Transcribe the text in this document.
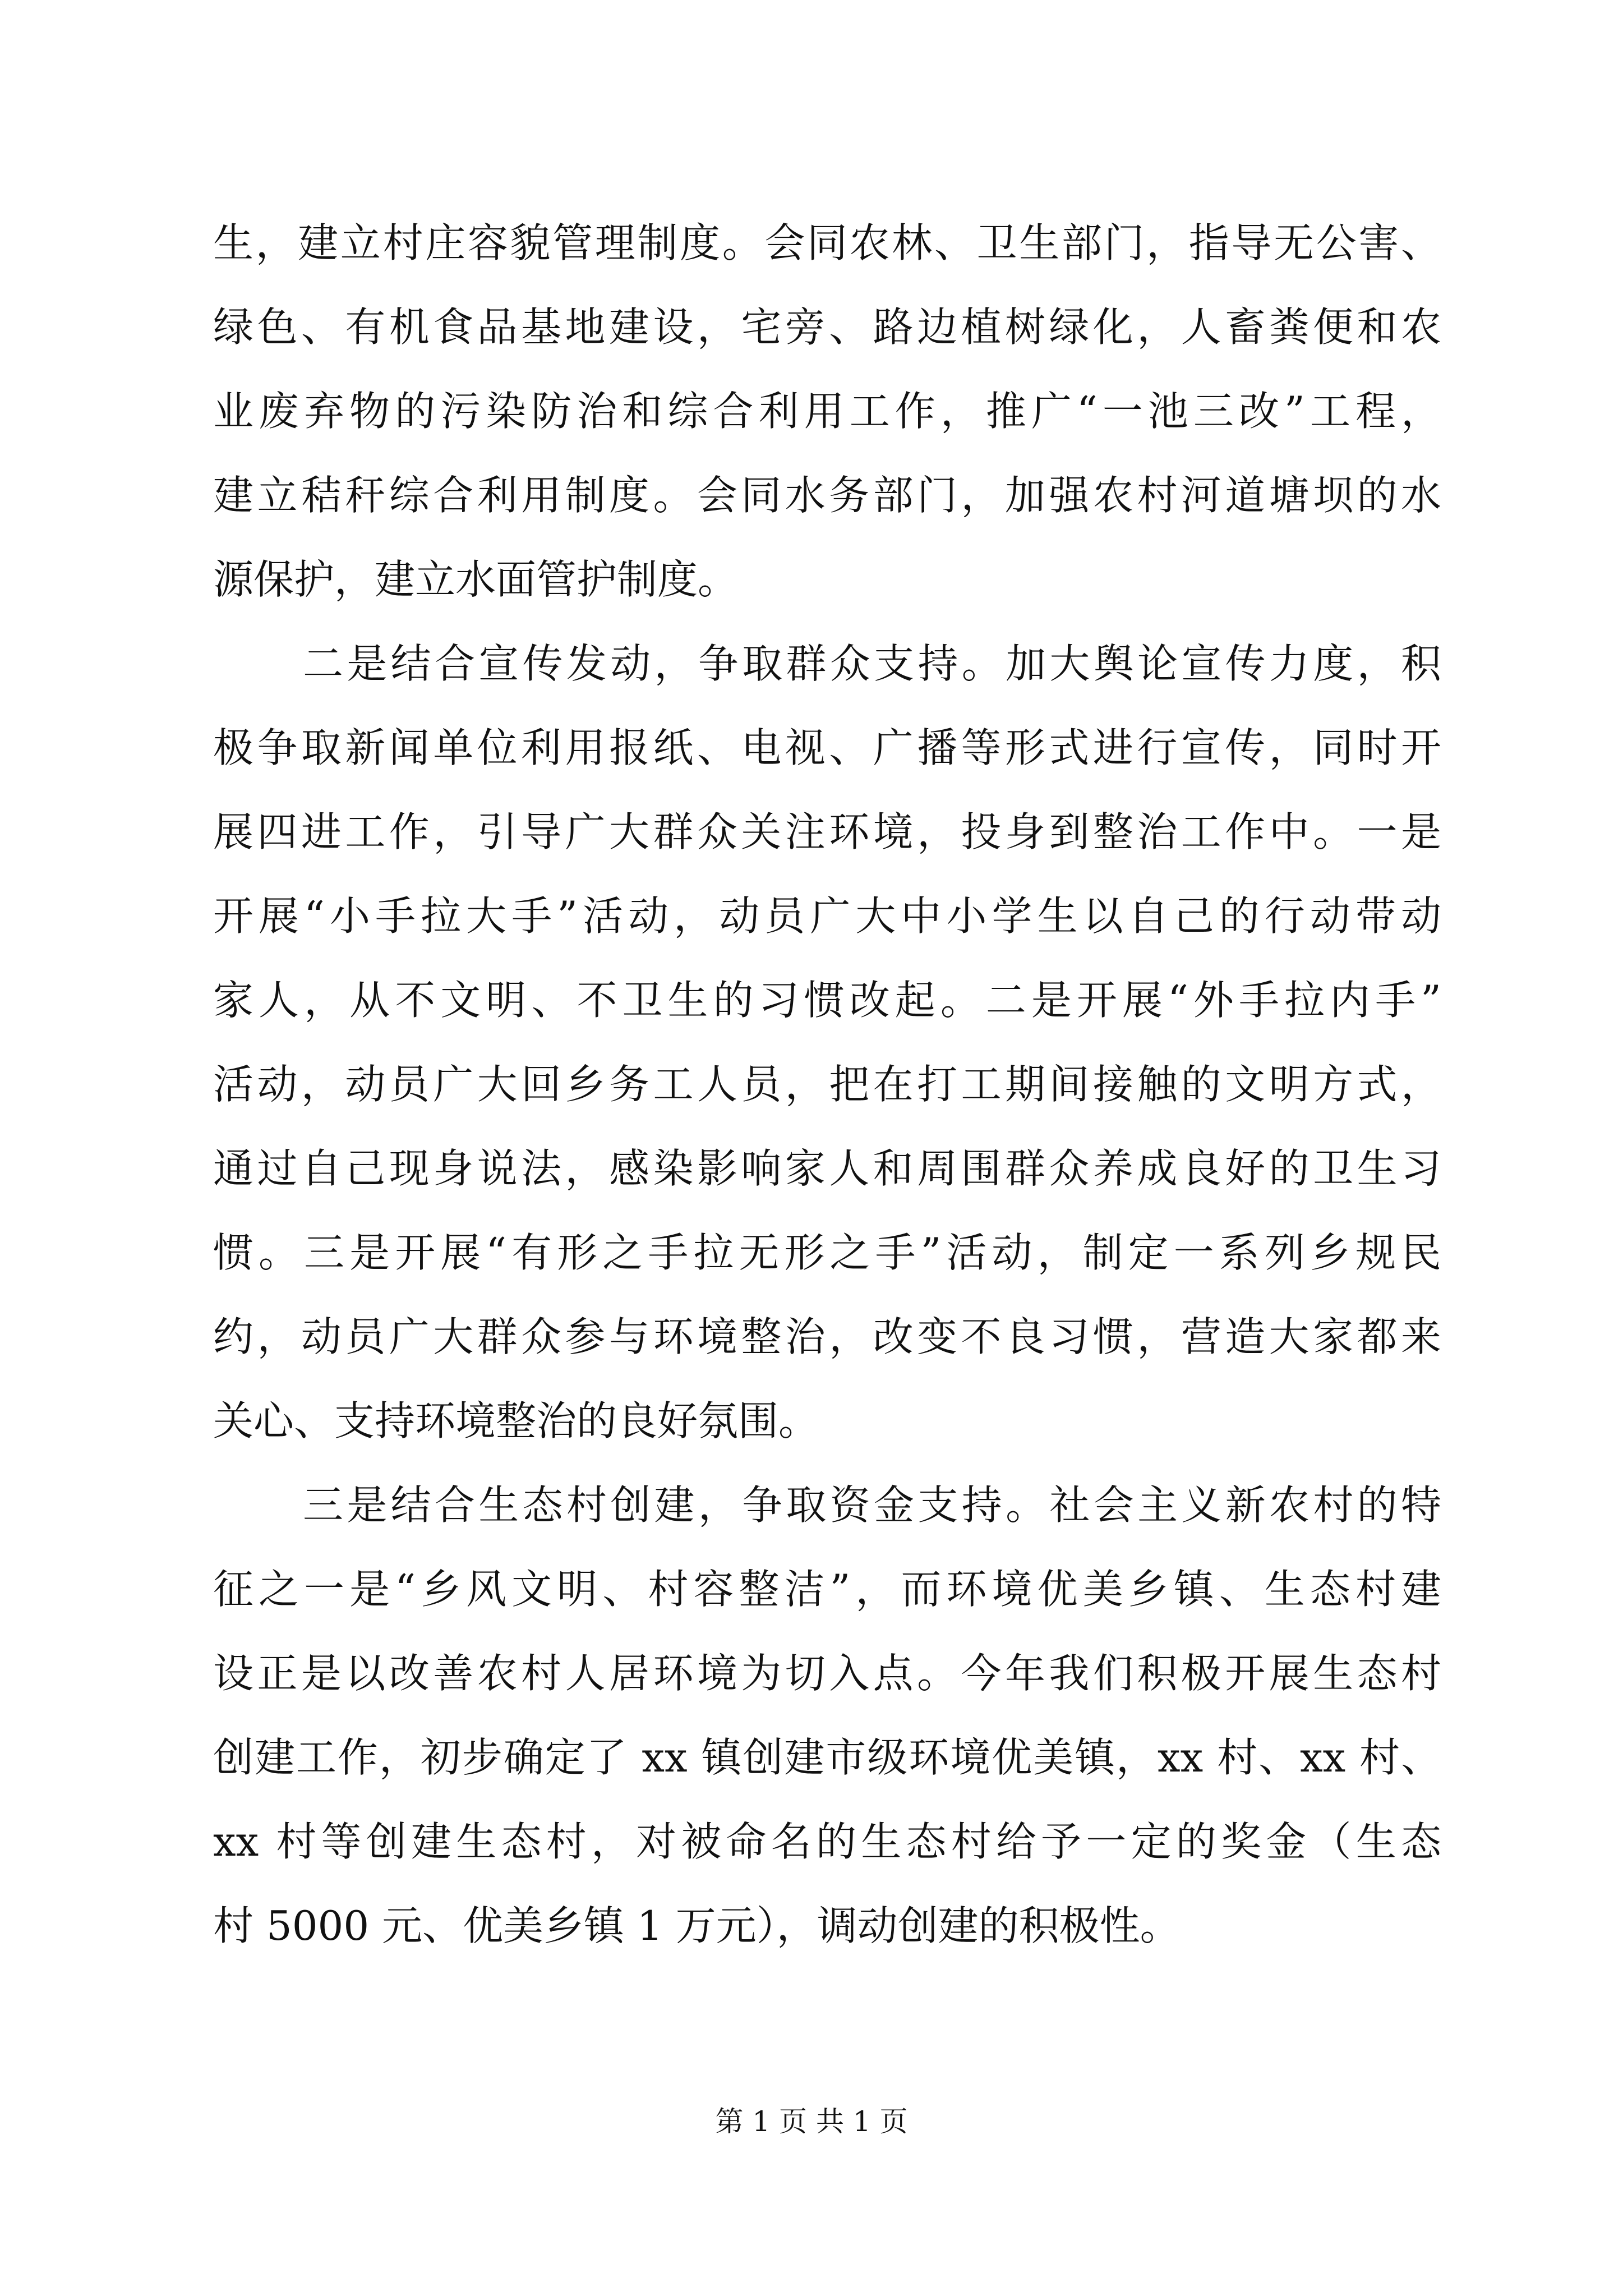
生，建立村庄容貌管理制度。会同农林、卫生部门，指导无公害、
绿色、有机食品基地建设，宅旁、路边植树绿化，人畜粪便和农
业废弃物的污染防治和综合利用工作，推广“一池三改”工程，
建立秸秆综合利用制度。会同水务部门，加强农村河道塘坝的水
源保护，建立水面管护制度。
二是结合宣传发动，争取群众支持。加大舆论宣传力度，积
极争取新闻单位利用报纸、电视、广播等形式进行宣传，同时开
展四进工作，引导广大群众关注环境，投身到整治工作中。一是
开展“小手拉大手”活动，动员广大中小学生以自己的行动带动
家人，从不文明、不卫生的习惯改起。二是开展“外手拉内手”
活动，动员广大回乡务工人员，把在打工期间接触的文明方式，
通过自己现身说法，感染影响家人和周围群众养成良好的卫生习
惯。三是开展“有形之手拉无形之手”活动，制定一系列乡规民
约，动员广大群众参与环境整治，改变不良习惯，营造大家都来
关心、支持环境整治的良好氛围。
三是结合生态村创建，争取资金支持。社会主义新农村的特
征之一是“乡风文明、村容整洁”，而环境优美乡镇、生态村建
设正是以改善农村人居环境为切入点。今年我们积极开展生态村
创建工作，初步确定了 xx 镇创建市级环境优美镇，xx 村、xx 村、
xx 村等创建生态村，对被命名的生态村给予一定的奖金（生态
村 5000 元、优美乡镇 1 万元），调动创建的积极性。
第 1 页 共 1 页
